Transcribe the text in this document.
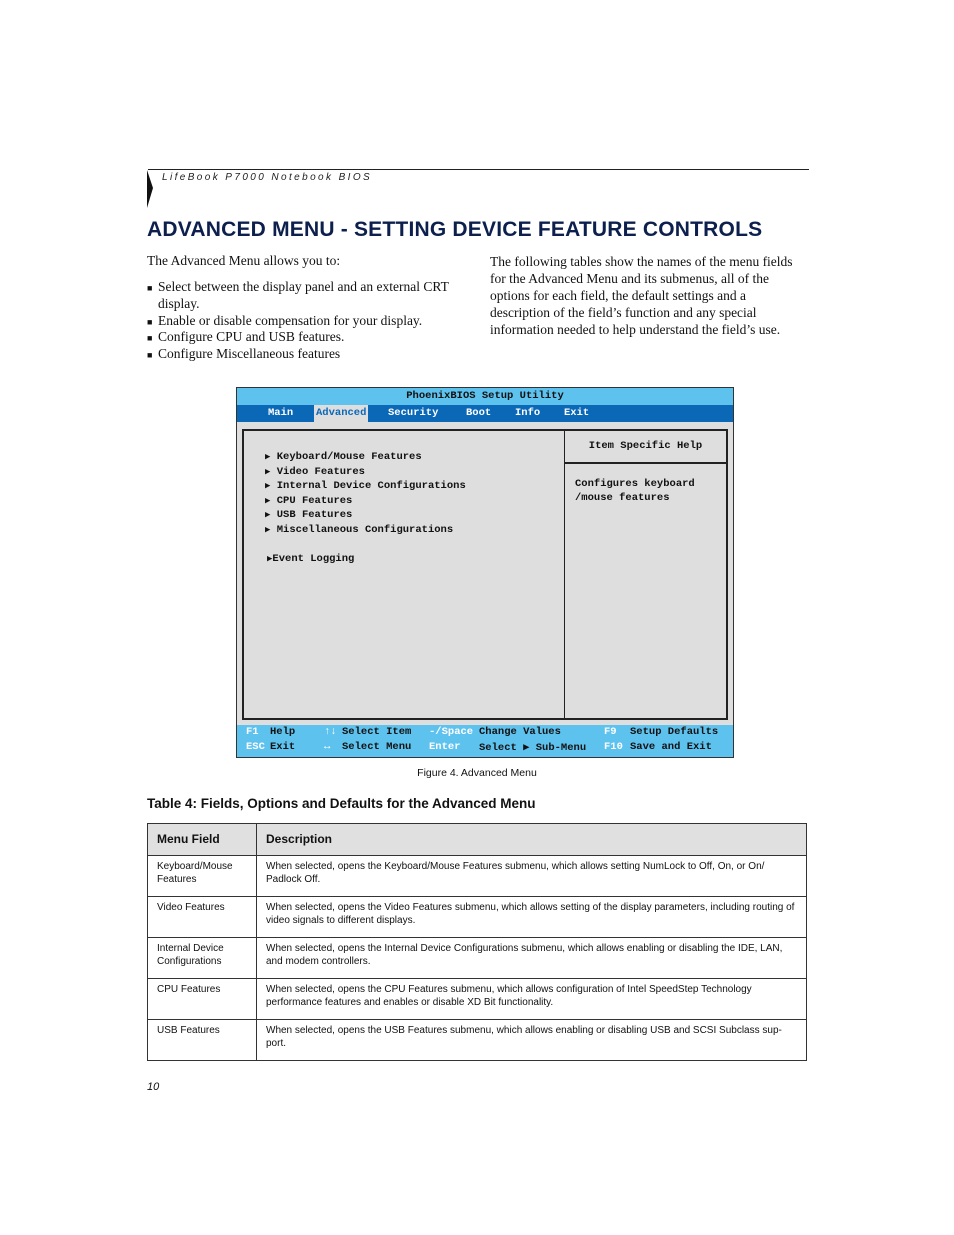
LifeBook P7000 Notebook BIOS
ADVANCED MENU - SETTING DEVICE FEATURE CONTROLS
The Advanced Menu allows you to:
■ Select between the display panel and an external CRT display.
■ Enable or disable compensation for your display.
■ Configure CPU and USB features.
■ Configure Miscellaneous features

The following tables show the names of the menu fields for the Advanced Menu and its submenus, all of the options for each field, the default settings and a description of the field’s function and any special information needed to help understand the field’s use.

PhoenixBIOS Setup Utility
Main Advanced Security	Boot Info Exit
▶ Keyboard/Mouse Features
▶ Video Features
▶ Internal Device Configurations
▶ CPU Features
▶ USB Features
▶ Miscellaneous Configurations
▶Event Logging
Item Specific Help
Configures keyboard
/mouse features
F1 Help	↑↓ Select Item -/Space Change Values	F9 Setup Defaults
ESC Exit	↔ Select Menu Enter Select ▶ Sub-Menu F10 Save and Exit
Figure 4. Advanced Menu
Table 4: Fields, Options and Defaults for the Advanced Menu
Menu Field	Description
Keyboard/Mouse Features	When selected, opens the Keyboard/Mouse Features submenu, which allows setting NumLock to Off, On, or On/ Padlock Off.
Video Features	When selected, opens the Video Features submenu, which allows setting of the display parameters, including routing of video signals to different displays.
Internal Device Configurations	When selected, opens the Internal Device Configurations submenu, which allows enabling or disabling the IDE, LAN, and modem controllers.
CPU Features	When selected, opens the CPU Features submenu, which allows configuration of Intel SpeedStep Technology performance features and enables or disable XD Bit functionality.
USB Features	When selected, opens the USB Features submenu, which allows enabling or disabling USB and SCSI Subclass sup-port.
10
